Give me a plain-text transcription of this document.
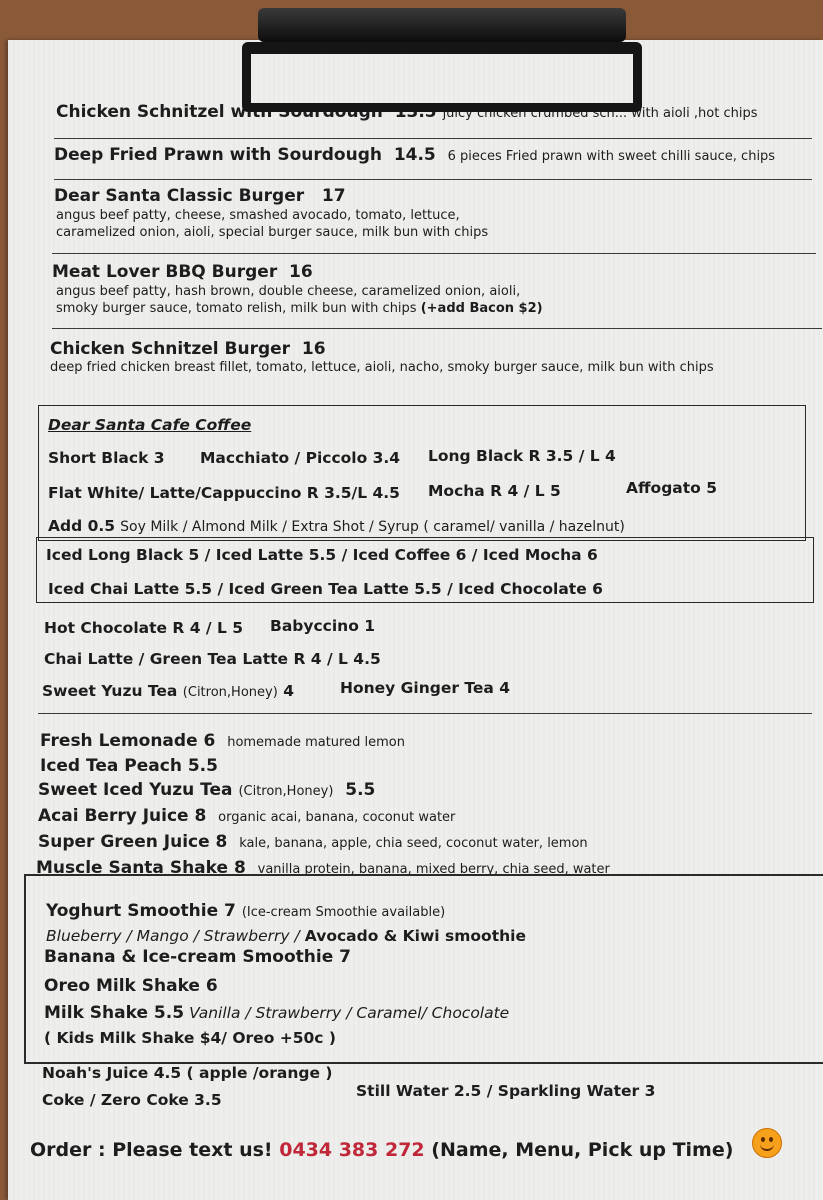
Chicken Schnitzel with Sourdough 13.5 juicy chicken crumbed sch... with aioli ,hot chips
Deep Fried Prawn with Sourdough 14.5 6 pieces Fried prawn with sweet chilli sauce, chips
Dear Santa Classic Burger 17
angus beef patty, cheese, smashed avocado, tomato, lettuce,
caramelized onion, aioli, special burger sauce, milk bun with chips
Meat Lover BBQ Burger 16
angus beef patty, hash brown, double cheese, caramelized onion, aioli,
smoky burger sauce, tomato relish, milk bun with chips (+add Bacon $2)
Chicken Schnitzel Burger 16
deep fried chicken breast fillet, tomato, lettuce, aioli, nacho, smoky burger sauce, milk bun with chips
Dear Santa Cafe Coffee
Short Black 3 Macchiato / Piccolo 3.4 Long Black R 3.5 / L 4
Flat White/ Latte/Cappuccino R 3.5/L 4.5 Mocha R 4 / L 5	Affogato 5
Add 0.5 Soy Milk / Almond Milk / Extra Shot / Syrup ( caramel/ vanilla / hazelnut)
Iced Long Black 5 / Iced Latte 5.5 / Iced Coffee 6 / Iced Mocha 6
Iced Chai Latte 5.5 / Iced Green Tea Latte 5.5 / Iced Chocolate 6
Hot Chocolate R 4 / L 5 Babyccino 1
Chai Latte / Green Tea Latte R 4 / L 4.5
Sweet Yuzu Tea (Citron,Honey) 4	Honey Ginger Tea 4
Fresh Lemonade 6 homemade matured lemon
Iced Tea Peach 5.5
Sweet Iced Yuzu Tea (Citron,Honey) 5.5
Acai Berry Juice 8 organic acai, banana, coconut water
Super Green Juice 8 kale, banana, apple, chia seed, coconut water, lemon
Muscle Santa Shake 8 vanilla protein, banana, mixed berry, chia seed, water
Yoghurt Smoothie 7 (Ice-cream Smoothie available)
Blueberry / Mango / Strawberry / Avocado & Kiwi smoothie
Banana & Ice-cream Smoothie 7
Oreo Milk Shake 6
Milk Shake 5.5 Vanilla / Strawberry / Caramel/ Chocolate
( Kids Milk Shake $4/ Oreo +50c )
Noah's Juice 4.5 ( apple /orange )
Coke / Zero Coke 3.5	Still Water 2.5 / Sparkling Water 3
Order : Please text us! 0434 383 272 (Name, Menu, Pick up Time)
